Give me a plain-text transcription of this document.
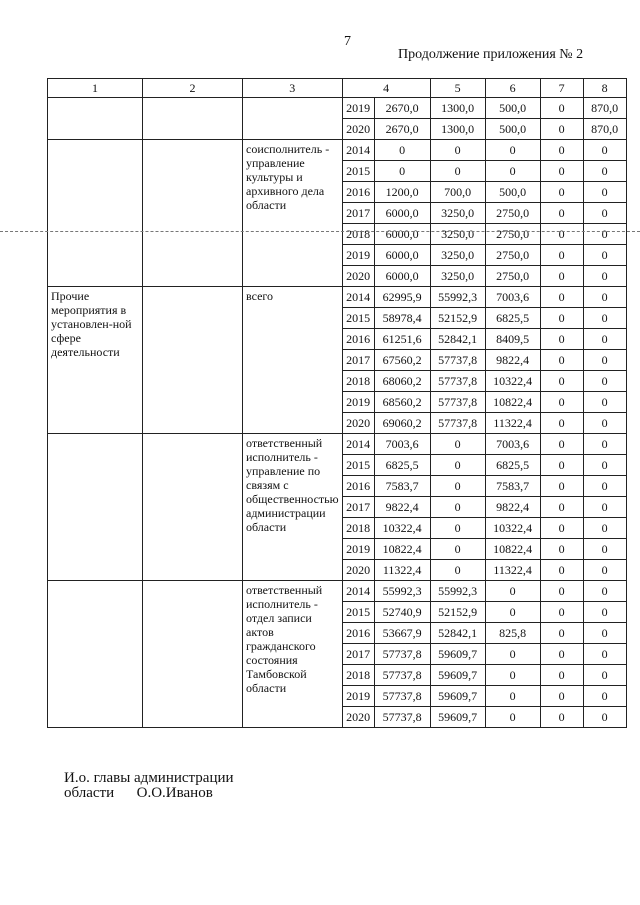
7
Продолжение приложения № 2
1	2	3	4		5	6	7	8
			2019	2670,0	1300,0	500,0	0	870,0
			2020	2670,0	1300,0	500,0	0	870,0
		соисполнитель - управление культуры и архивного дела области	2014	0	0	0	0	0
			2015	0	0	0	0	0
			2016	1200,0	700,0	500,0	0	0
			2017	6000,0	3250,0	2750,0	0	0
			2018	6000,0	3250,0	2750,0	0	0
			2019	6000,0	3250,0	2750,0	0	0
			2020	6000,0	3250,0	2750,0	0	0
Прочие мероприятия в установлен-ной сфере деятельности		всего	2014	62995,9	55992,3	7003,6	0	0
			2015	58978,4	52152,9	6825,5	0	0
			2016	61251,6	52842,1	8409,5	0	0
			2017	67560,2	57737,8	9822,4	0	0
			2018	68060,2	57737,8	10322,4	0	0
			2019	68560,2	57737,8	10822,4	0	0
			2020	69060,2	57737,8	11322,4	0	0
		ответственный исполнитель - управление по связям с общественностью администрации области	2014	7003,6	0	7003,6	0	0
			2015	6825,5	0	6825,5	0	0
			2016	7583,7	0	7583,7	0	0
			2017	9822,4	0	9822,4	0	0
			2018	10322,4	0	10322,4	0	0
			2019	10822,4	0	10822,4	0	0
			2020	11322,4	0	11322,4	0	0
		ответственный исполнитель - отдел записи актов гражданского состояния Тамбовской области	2014	55992,3	55992,3	0	0	0
			2015	52740,9	52152,9	0	0	0
			2016	53667,9	52842,1	825,8	0	0
			2017	57737,8	59609,7	0	0	0
			2018	57737,8	59609,7	0	0	0
			2019	57737,8	59609,7	0	0	0
			2020	57737,8	59609,7	0	0	0
И.о. главы администрации
области      О.О.Иванов
